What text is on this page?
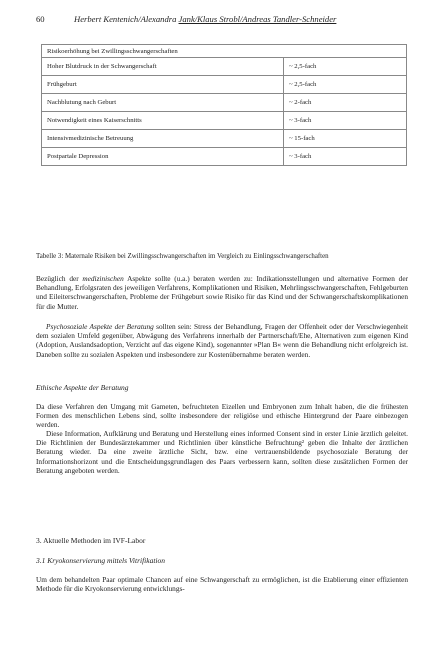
60	Herbert Kentenich/Alexandra Jank/Klaus Strobl/Andreas Tandler-Schneider
Risikoerhöhung bei Zwillingsschwangerschaften	
Hoher Blutdruck in der Schwangerschaft	~ 2,5-fach
Frühgeburt	~ 2,5-fach
Nachblutung nach Geburt	~ 2-fach
Notwendigkeit eines Kaiserschnitts	~ 3-fach
Intensivmedizinische Betreuung	~ 15-fach
Postpartale Depression	~ 3-fach
Tabelle 3: Maternale Risiken bei Zwillingsschwangerschaften im Vergleich zu Einlingsschwangerschaften

Bezüglich der medizinischen Aspekte sollte (u.a.) beraten werden zu: Indikationsstellungen und alternative Formen der Behandlung, Erfolgsraten des jeweiligen Verfahrens, Komplikationen und Risiken, Mehrlingsschwangerschaften, Fehlgeburten und Eileiterschwangerschaften, Probleme der Frühgeburt sowie Risiko für das Kind und der Schwangerschaftskomplikationen für die Mutter.

Psychosoziale Aspekte der Beratung sollten sein: Stress der Behandlung, Fragen der Offenheit oder der Verschwiegenheit dem sozialen Umfeld gegenüber, Abwägung des Verfahrens innerhalb der Partnerschaft/Ehe, Alternativen zum eigenen Kind (Adoption, Auslandsadoption, Verzicht auf das eigene Kind), sogenannter »Plan B« wenn die Behandlung nicht erfolgreich ist. Daneben sollte zu sozialen Aspekten und insbesondere zur Kostenübernahme beraten werden.

Ethische Aspekte der Beratung

Da diese Verfahren den Umgang mit Gameten, befruchteten Eizellen und Embryonen zum Inhalt haben, die die frühesten Formen des menschlichen Lebens sind, sollte insbesondere der religiöse und ethische Hintergrund der Paare einbezogen werden.

Diese Information, Aufklärung und Beratung und Herstellung eines informed Consent sind in erster Linie ärztlich geleitet. Die Richtlinien der Bundesärztekammer und Richtlinien über künstliche Befruchtung² geben die Inhalte der ärztlichen Beratung wieder. Da eine zweite ärztliche Sicht, bzw. eine vertrauensbildende psychosoziale Beratung der Informationshorizont und die Entscheidungsgrundlagen des Paars verbessern kann, sollten diese zusätzlichen Formen der Beratung angeboten werden.

3. Aktuelle Methoden im IVF-Labor
3.1 Kryokonservierung mittels Vitrifikation

Um dem behandelten Paar optimale Chancen auf eine Schwangerschaft zu ermöglichen, ist die Etablierung einer effizienten Methode für die Kryokonservierung entwicklungs-
